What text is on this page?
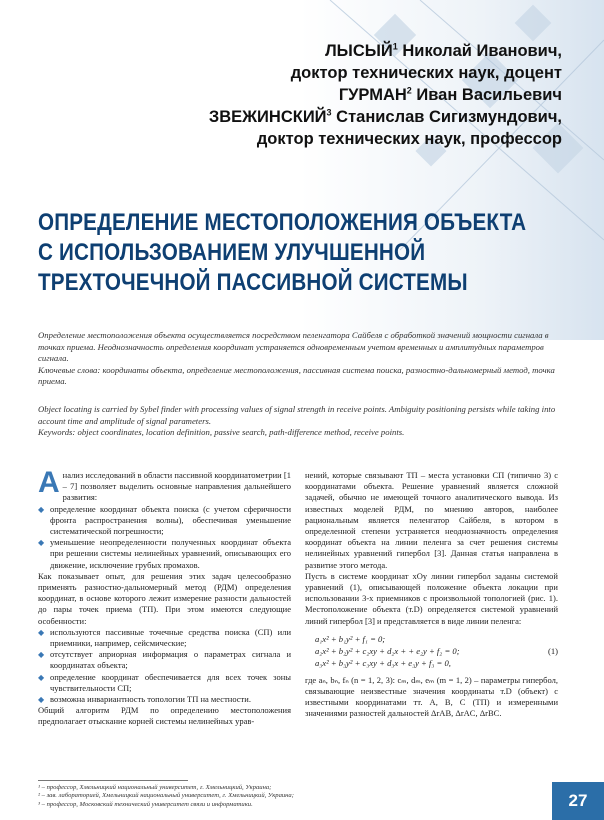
ЛЫСЫЙ$^1$ Николай Иванович,
доктор технических наук, доцент
ГУРМАН$^2$ Иван Васильевич
ЗВЕЖИНСКИЙ$^3$ Станислав Сигизмундович,
доктор технических наук, профессор
ОПРЕДЕЛЕНИЕ МЕСТОПОЛОЖЕНИЯ ОБЪЕКТА
С ИСПОЛЬЗОВАНИЕМ УЛУЧШЕННОЙ
ТРЕХТОЧЕЧНОЙ ПАССИВНОЙ СИСТЕМЫ
Определение местоположения объекта осуществляется посредством пеленгатора Сайбеля с обработкой значений мощности сигнала в точках приема. Неоднозначность определения координат устраняется одновременным учетом временных и амплитудных параметров сигнала.
Ключевые слова: координаты объекта, определение местоположения, пассивная система поиска, разностно-дальномерный метод, точка приема.
Object locating is carried by Sybel finder with processing values of signal strength in receive points. Ambiguity positioning persists while taking into account time and amplitude of signal parameters.
Keywords: object coordinates, location definition, passive search, path-difference method, receive points.

Анализ исследований в области пассивной координатометрии [1 – 7] позволяет выделить основные направления дальнейшего развития:

◆ определение координат объекта поиска (с учетом сферичности фронта распространения волны), обеспечивая уменьшение систематической погрешности;
◆ уменьшение неопределенности полученных координат объекта при решении системы нелинейных уравнений, описывающих его движение, исключение грубых промахов.

Как показывает опыт, для решения этих задач целесообразно применять разностно-дальномерный метод (РДМ) определения координат, в основе которого лежит измерение разности дальностей до пары точек приема (ТП). При этом имеются следующие особенности:

◆ используются пассивные точечные средства поиска (СП) или приемники, например, сейсмические;
◆ отсутствует априорная информация о параметрах сигнала и координатах объекта;
◆ определение координат обеспечивается для всех точек зоны чувствительности СП;
◆ возможна инвариантность топологии ТП на местности.

Общий алгоритм РДМ по определению местоположения предполагает отыскание корней системы нелинейных урав-

нений, которые связывают ТП – места установки СП (типично 3) с координатами объекта. Решение уравнений является сложной задачей, обычно не имеющей точного аналитического вывода. Из известных моделей РДМ, по мнению авторов, наиболее рациональным является пеленгатор Сайбеля, в котором в определенной степени устраняется неоднозначность определения координат объекта на линии пеленга за счет решения системы нелинейных уравнений гипербол [3]. Данная статья направлена в развитие этого метода.

Пусть в системе координат xOy линии гипербол заданы системой уравнений (1), описывающей положение объекта локации при использовании 3-х приемников с произвольной топологией (рис. 1). Местоположение объекта (т.D) определяется системой уравнений линий гипербол [3] и представляется в виде линии пеленга:

a₁x² + b₁y² + f₁ = 0;
a₂x² + b₂y² + c₂xy + d₂x + + e₂y + f₂ = 0;
a₃x² + b₃y² + c₃xy + d₃x + e₃y + f₃ = 0,
(1)

где aₙ, bₙ, fₙ (n = 1, 2, 3): cₘ, dₘ, eₘ (m = 1, 2) – параметры гипербол, связывающие неизвестные значения координаты т.D (объект) с известными координатами тт. A, B, C (ТП) и измеренными значениями разностей дальностей ΔrAB, ΔrAC, ΔrBC.

¹ – профессор, Хмельницкий национальный университет, г. Хмельницкий, Украина;
² – зав. лабораторией, Хмельницкий национальный университет, г. Хмельницкий, Украина;
³ – профессор, Московский технический университет связи и информатики.	27
